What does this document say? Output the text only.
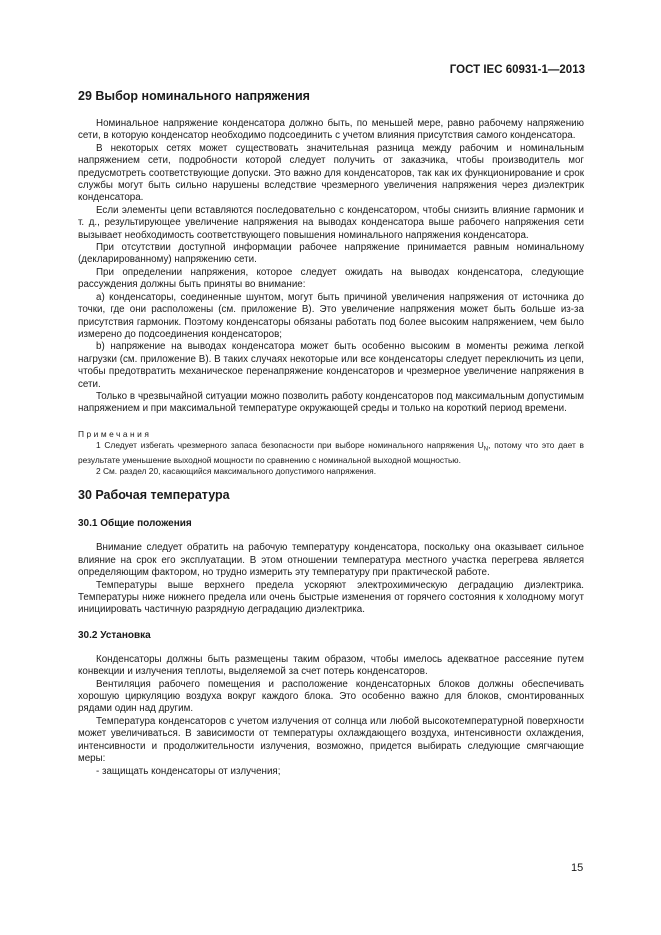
ГОСТ IEC 60931-1—2013
29 Выбор номинального напряжения

Номинальное напряжение конденсатора должно быть, по меньшей мере, равно рабочему напряжению сети, в которую конденсатор необходимо подсоединить с учетом влияния присутствия самого конденсатора.

В некоторых сетях может существовать значительная разница между рабочим и номинальным напряжением сети, подробности которой следует получить от заказчика, чтобы производитель мог предусмотреть соответствующие допуски. Это важно для конденсаторов, так как их функционирование и срок службы могут быть сильно нарушены вследствие чрезмерного увеличения напряжения через диэлектрик конденсатора.

Если элементы цепи вставляются последовательно с конденсатором, чтобы снизить влияние гармоник и т. д., результирующее увеличение напряжения на выводах конденсатора выше рабочего напряжения сети вызывает необходимость соответствующего повышения номинального напряжения конденсатора.

При отсутствии доступной информации рабочее напряжение принимается равным номинальному (декларированному) напряжению сети.

При определении напряжения, которое следует ожидать на выводах конденсатора, следующие рассуждения должны быть приняты во внимание:

а) конденсаторы, соединенные шунтом, могут быть причиной увеличения напряжения от источника до точки, где они расположены (см. приложение В). Это увеличение напряжения может быть больше из-за присутствия гармоник. Поэтому конденсаторы обязаны работать под более высоким напряжением, чем было измерено до подсоединения конденсаторов;

b) напряжение на выводах конденсатора может быть особенно высоким в моменты режима легкой нагрузки (см. приложение В). В таких случаях некоторые или все конденсаторы следует переключить из цепи, чтобы предотвратить механическое перенапряжение конденсаторов и чрезмерное увеличение напряжения в сети.

Только в чрезвычайной ситуации можно позволить работу конденсаторов под максимальным допустимым напряжением и при максимальной температуре окружающей среды и только на короткий период времени.

Примечания

1 Следует избегать чрезмерного запаса безопасности при выборе номинального напряжения $U_N$, потому что это дает в результате уменьшение выходной мощности по сравнению с номинальной выходной мощностью.

2 См. раздел 20, касающийся максимального допустимого напряжения.

30 Рабочая температура
30.1 Общие положения

Внимание следует обратить на рабочую температуру конденсатора, поскольку она оказывает сильное влияние на срок его эксплуатации. В этом отношении температура местного участка перегрева является определяющим фактором, но трудно измерить эту температуру при практической работе.

Температуры выше верхнего предела ускоряют электрохимическую деградацию диэлектрика. Температуры ниже нижнего предела или очень быстрые изменения от горячего состояния к холодному могут инициировать частичную разрядную деградацию диэлектрика.

30.2 Установка

Конденсаторы должны быть размещены таким образом, чтобы имелось адекватное рассеяние путем конвекции и излучения теплоты, выделяемой за счет потерь конденсаторов.

Вентиляция рабочего помещения и расположение конденсаторных блоков должны обеспечивать хорошую циркуляцию воздуха вокруг каждого блока. Это особенно важно для блоков, смонтированных рядами один над другим.

Температура конденсаторов с учетом излучения от солнца или любой высокотемпературной поверхности может увеличиваться. В зависимости от температуры охлаждающего воздуха, интенсивности охлаждения, интенсивности и продолжительности излучения, возможно, придется выбирать следующие смягчающие меры:

- защищать конденсаторы от излучения;

15
